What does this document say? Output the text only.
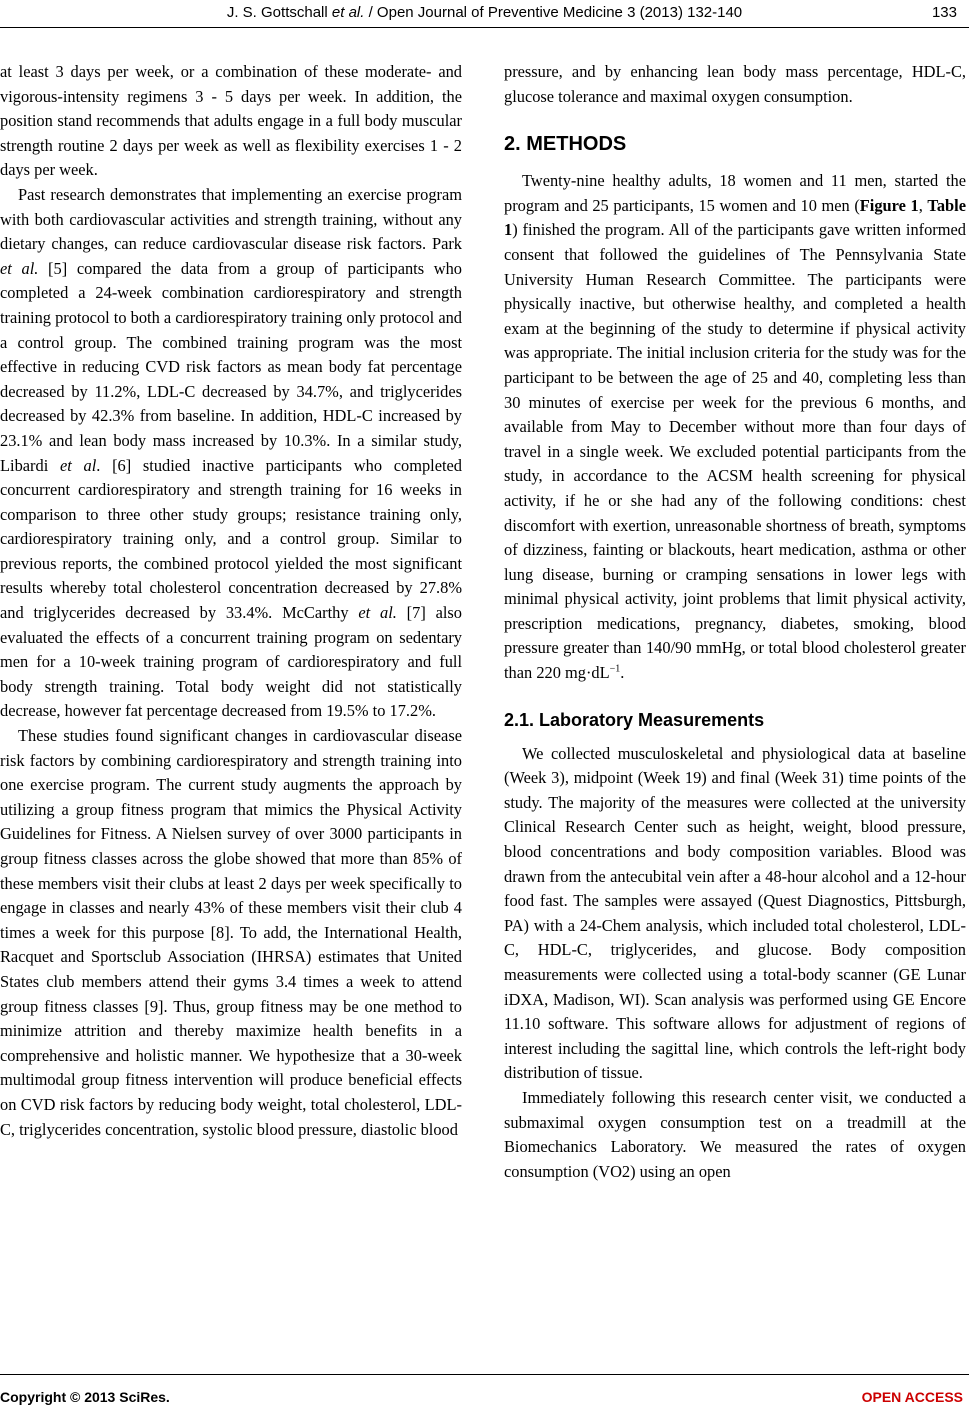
J. S. Gottschall et al. / Open Journal of Preventive Medicine 3 (2013) 132-140	133

at least 3 days per week, or a combination of these moderate- and vigorous-intensity regimens 3 - 5 days per week. In addition, the position stand recommends that adults engage in a full body muscular strength routine 2 days per week as well as flexibility exercises 1 - 2 days per week.

Past research demonstrates that implementing an exercise program with both cardiovascular activities and strength training, without any dietary changes, can reduce cardiovascular disease risk factors. Park et al. [5] compared the data from a group of participants who completed a 24-week combination cardiorespiratory and strength training protocol to both a cardiorespiratory training only protocol and a control group. The combined training program was the most effective in reducing CVD risk factors as mean body fat percentage decreased by 11.2%, LDL-C decreased by 34.7%, and triglycerides decreased by 42.3% from baseline. In addition, HDL-C increased by 23.1% and lean body mass increased by 10.3%. In a similar study, Libardi et al. [6] studied inactive participants who completed concurrent cardiorespiratory and strength training for 16 weeks in comparison to three other study groups; resistance training only, cardiorespiratory training only, and a control group. Similar to previous reports, the combined protocol yielded the most significant results whereby total cholesterol concentration decreased by 27.8% and triglycerides decreased by 33.4%. McCarthy et al. [7] also evaluated the effects of a concurrent training program on sedentary men for a 10-week training program of cardiorespiratory and full body strength training. Total body weight did not statistically decrease, however fat percentage decreased from 19.5% to 17.2%.

These studies found significant changes in cardiovascular disease risk factors by combining cardiorespiratory and strength training into one exercise program. The current study augments the approach by utilizing a group fitness program that mimics the Physical Activity Guidelines for Fitness. A Nielsen survey of over 3000 participants in group fitness classes across the globe showed that more than 85% of these members visit their clubs at least 2 days per week specifically to engage in classes and nearly 43% of these members visit their club 4 times a week for this purpose [8]. To add, the International Health, Racquet and Sportsclub Association (IHRSA) estimates that United States club members attend their gyms 3.4 times a week to attend group fitness classes [9]. Thus, group fitness may be one method to minimize attrition and thereby maximize health benefits in a comprehensive and holistic manner. We hypothesize that a 30-week multimodal group fitness intervention will produce beneficial effects on CVD risk factors by reducing body weight, total cholesterol, LDL-C, triglycerides concentration, systolic blood pressure, diastolic blood

pressure, and by enhancing lean body mass percentage, HDL-C, glucose tolerance and maximal oxygen consumption.

2. METHODS

Twenty-nine healthy adults, 18 women and 11 men, started the program and 25 participants, 15 women and 10 men (Figure 1, Table 1) finished the program. All of the participants gave written informed consent that followed the guidelines of The Pennsylvania State University Human Research Committee. The participants were physically inactive, but otherwise healthy, and completed a health exam at the beginning of the study to determine if physical activity was appropriate. The initial inclusion criteria for the study was for the participant to be between the age of 25 and 40, completing less than 30 minutes of exercise per week for the previous 6 months, and available from May to December without more than four days of travel in a single week. We excluded potential participants from the study, in accordance to the ACSM health screening for physical activity, if he or she had any of the following conditions: chest discomfort with exertion, unreasonable shortness of breath, symptoms of dizziness, fainting or blackouts, heart medication, asthma or other lung disease, burning or cramping sensations in lower legs with minimal physical activity, joint problems that limit physical activity, prescription medications, pregnancy, diabetes, smoking, blood pressure greater than 140/90 mmHg, or total blood cholesterol greater than 220 $mg\cdot dL^{-1}$.

2.1. Laboratory Measurements

We collected musculoskeletal and physiological data at baseline (Week 3), midpoint (Week 19) and final (Week 31) time points of the study. The majority of the measures were collected at the university Clinical Research Center such as height, weight, blood pressure, blood concentrations and body composition variables. Blood was drawn from the antecubital vein after a 48-hour alcohol and a 12-hour food fast. The samples were assayed (Quest Diagnostics, Pittsburgh, PA) with a 24-Chem analysis, which included total cholesterol, LDL-C, HDL-C, triglycerides, and glucose. Body composition measurements were collected using a total-body scanner (GE Lunar iDXA, Madison, WI). Scan analysis was performed using GE Encore 11.10 software. This software allows for adjustment of regions of interest including the sagittal line, which controls the left-right body distribution of tissue.

Immediately following this research center visit, we conducted a submaximal oxygen consumption test on a treadmill at the Biomechanics Laboratory. We measured the rates of oxygen consumption (VO2) using an open

Copyright © 2013 SciRes.	OPEN ACCESS
